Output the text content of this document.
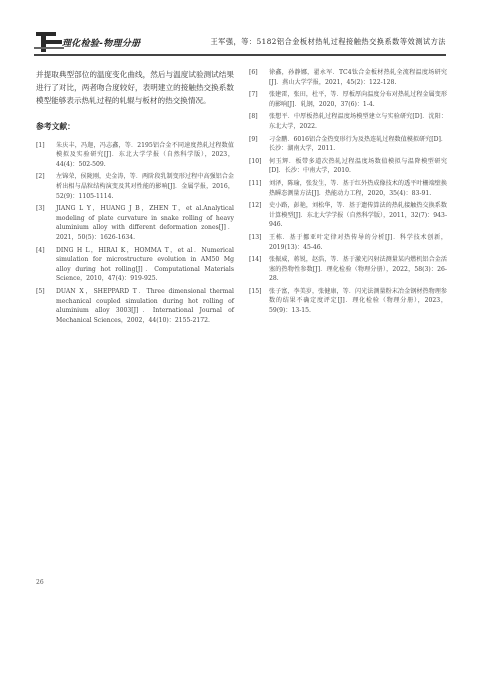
理化检验-物理分册	王军强，等：5182铝合金板材热轧过程接触热交换系数等效测试方法

并提取典型部位的温度变化曲线，然后与温度试验测试结果进行了对比，两者吻合度较好，表明建立的接触热交换系数模型能够表示热轧过程的轧辊与板材的热交换情况。

参考文献：
[1]	朱庆丰，冯迦，冯志鑫，等．2195铝合金不同速度热轧过程数值模拟及实验研究[J]．东北大学学报（自然科学版），2023，44(4)：502-509.
[2]	左锦荣，侯陇刚，史金涛，等．两阶段乳制变形过程中高强铝合金析出相与晶粒结构演变及其对性能的影响[J]．金属学报，2016，52(9)：1105-1114.
[3]	JIANG L Y，HUANG J B，ZHEN T，et al.Analytical modeling of plate curvature in snake rolling of heavy aluminium alloy with different deformation zones[J]．2021，50(5)：1626-1634.
[4]	DING H L，HIRAI K，HOMMA T，et al．Numerical simulation for microstructure evolution in AM50 Mg alloy during hot rolling[J]．Computational Materials Science，2010，47(4)：919-925.
[5]	DUAN X，SHEPPARD T．Three dimensional thermal mechanical coupled simulation during hot rolling of aluminium alloy 3003[J]．International Journal of Mechanical Sciences，2002，44(10)：2155-2172.
[6]	徐鑫，孙静娜，翟永军．TC4钛合金板材热轧全流程温度场研究[J]．燕山大学学报，2021，45(2)：122-128.
[7]	张建雷，张田，杜平，等．厚板厚向温度分布对热轧过程金属变形的影响[J]．轧钢，2020，37(6)：1-4.
[8]	张想平．中厚板热轧过程温度场模型建立与实验研究[D]．沈阳：东北大学，2022.
[9]	刁金鹏．6016铝合金热变形行为及热连轧过程数值模拟研究[D]．长沙：湖南大学，2011.
[10]	何玉辉．板带多道次热轧过程温度场数值模拟与温降模型研究[D]．长沙：中南大学，2010.
[11]	刘泽，陈瑜，张发生，等．基于红外热成像技术的透平叶栅端壁换热瞬态测量方法[J]．热能动力工程，2020，35(4)：83-91.
[12]	史小路，彭艳，刘松华，等．基于遗传算法的热轧接触热交换系数计算模型[J]．东北大学学报（自然科学版），2011，32(7)：943-946.
[13]	王栋．基于挪亚叶定律对热传导的分析[J]．科学技术创新，2019(13)：45-46.
[14]	张振威，蒋锐，赵浩，等．基于激光闪射法测量某内燃机铝合金活塞的热物性参数[J]．理化检验（物理分册），2022，58(3)：26-28.
[15]	张子富，李美岁，张健康，等．闪光法测量粉末冶金钢材热物理参数的结果不确定度评定[J]．理化检验（物理分册），2023，59(9)：13-15.
26
